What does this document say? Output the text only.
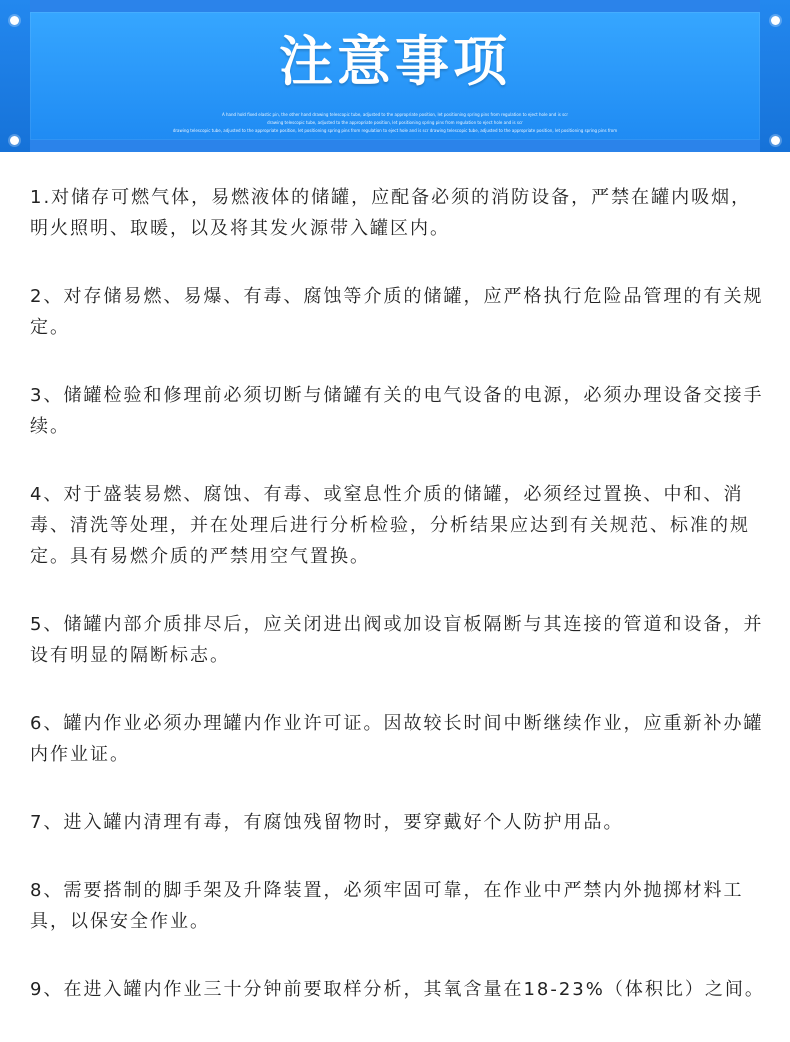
注意事项
A hand hold fixed elastic pin, the other hand drawing telescopic tube, adjusted to the appropriate position, let positioning spring pins from regulation to eject hole and is scr
drawing telescopic tube, adjusted to the appropriate position, let positioning spring pins from regulation to eject hole and is scr
drawing telescopic tube, adjusted to the appropriate position, let positioning spring pins from regulation to eject hole and is scr drawing telescopic tube, adjusted to the appropriate position, let positioning spring pins from

1.对储存可燃气体，易燃液体的储罐，应配备必须的消防设备，严禁在罐内吸烟，明火照明、取暖，以及将其发火源带入罐区内。

2、对存储易燃、易爆、有毒、腐蚀等介质的储罐，应严格执行危险品管理的有关规定。

3、储罐检验和修理前必须切断与储罐有关的电气设备的电源，必须办理设备交接手续。

4、对于盛装易燃、腐蚀、有毒、或窒息性介质的储罐，必须经过置换、中和、消毒、清洗等处理，并在处理后进行分析检验，分析结果应达到有关规范、标准的规定。具有易燃介质的严禁用空气置换。

5、储罐内部介质排尽后，应关闭进出阀或加设盲板隔断与其连接的管道和设备，并设有明显的隔断标志。

6、罐内作业必须办理罐内作业许可证。因故较长时间中断继续作业，应重新补办罐内作业证。

7、进入罐内清理有毒，有腐蚀残留物时，要穿戴好个人防护用品。

8、需要搭制的脚手架及升降装置，必须牢固可靠，在作业中严禁内外抛掷材料工具，以保安全作业。

9、在进入罐内作业三十分钟前要取样分析，其氧含量在18-23%（体积比）之间。
